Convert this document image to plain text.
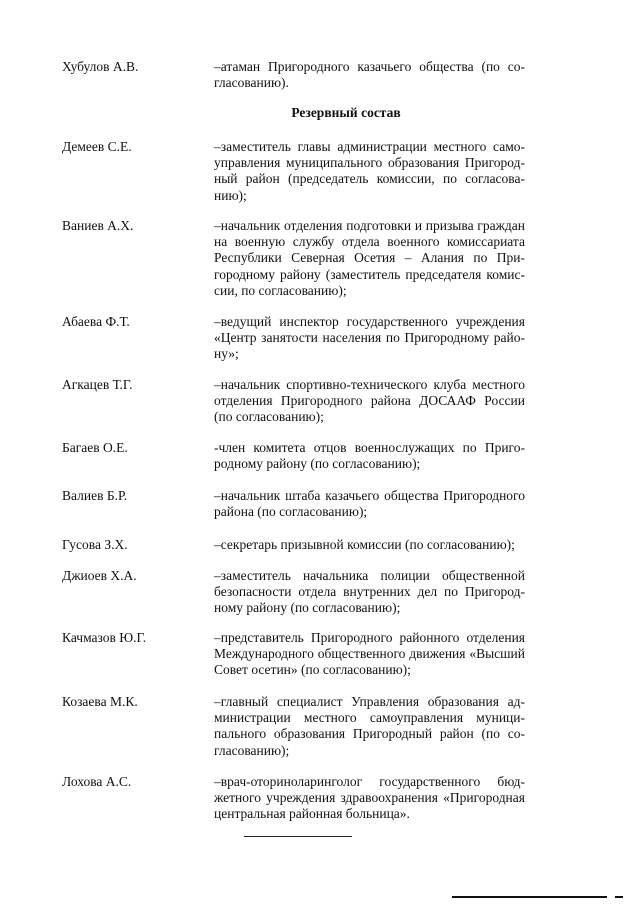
Хубулов А.В.	–атаман Пригородного казачьего общества (по согласованию).
Резервный состав
Демеев С.Е.	–заместитель главы администрации местного самоуправления муниципального образования Пригородный район (председатель комиссии, по согласованию);
Ваниев А.Х.	–начальник отделения подготовки и призыва граждан на военную службу отдела военного комиссариата Республики Северная Осетия – Алания по Пригородному району (заместитель председателя комиссии, по согласованию);
Абаева Ф.Т.	–ведущий инспектор государственного учреждения «Центр занятости населения по Пригородному району»;
Агкацев Т.Г.	–начальник спортивно-технического клуба местного отделения Пригородного района ДОСААФ России (по согласованию);
Багаев О.Е.	-член комитета отцов военнослужащих по Пригородному району (по согласованию);
Валиев Б.Р.	–начальник штаба казачьего общества Пригородного района (по согласованию);
Гусова З.Х.	–секретарь призывной комиссии (по согласованию);
Джиоев Х.А.	–заместитель начальника полиции общественной безопасности отдела внутренних дел по Пригородному району (по согласованию);
Качмазов Ю.Г.	–представитель Пригородного районного отделения Международного общественного движения «Высший Совет осетин» (по согласованию);
Козаева М.К.	–главный специалист Управления образования администрации местного самоуправления муниципального образования Пригородный район (по согласованию);
Лохова А.С.	–врач-оториноларинголог государственного бюджетного учреждения здравоохранения «Пригородная центральная районная больница».
